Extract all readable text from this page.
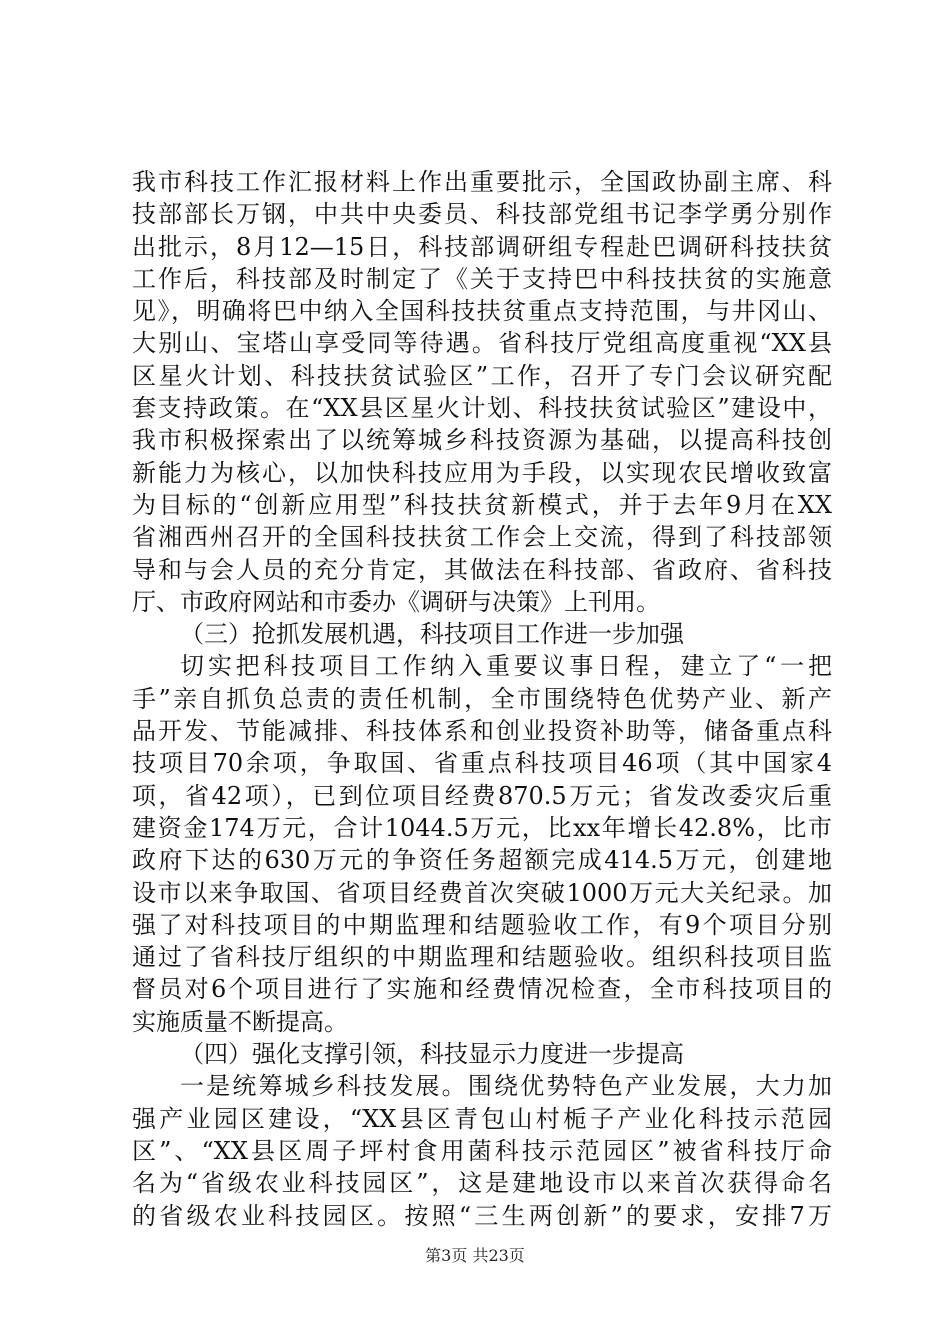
我市科技工作汇报材料上作出重要批示，全国政协副主席、科
技部部长万钢，中共中央委员、科技部党组书记李学勇分别作
出批示，8月12—15日，科技部调研组专程赴巴调研科技扶贫
工作后，科技部及时制定了《关于支持巴中科技扶贫的实施意
见》，明确将巴中纳入全国科技扶贫重点支持范围，与井冈山、
大别山、宝塔山享受同等待遇。省科技厅党组高度重视“XX县
区星火计划、科技扶贫试验区”工作，召开了专门会议研究配
套支持政策。在“XX县区星火计划、科技扶贫试验区”建设中，
我市积极探索出了以统筹城乡科技资源为基础，以提高科技创
新能力为核心，以加快科技应用为手段，以实现农民增收致富
为目标的“创新应用型”科技扶贫新模式，并于去年9月在XX
省湘西州召开的全国科技扶贫工作会上交流，得到了科技部领
导和与会人员的充分肯定，其做法在科技部、省政府、省科技
厅、市政府网站和市委办《调研与决策》上刊用。
（三）抢抓发展机遇，科技项目工作进一步加强
切实把科技项目工作纳入重要议事日程，建立了“一把
手”亲自抓负总责的责任机制，全市围绕特色优势产业、新产
品开发、节能减排、科技体系和创业投资补助等，储备重点科
技项目70余项，争取国、省重点科技项目46项（其中国家4
项，省42项），已到位项目经费870.5万元；省发改委灾后重
建资金174万元，合计1044.5万元，比xx年增长42.8%，比市
政府下达的630万元的争资任务超额完成414.5万元，创建地
设市以来争取国、省项目经费首次突破1000万元大关纪录。加
强了对科技项目的中期监理和结题验收工作，有9个项目分别
通过了省科技厅组织的中期监理和结题验收。组织科技项目监
督员对6个项目进行了实施和经费情况检查，全市科技项目的
实施质量不断提高。
（四）强化支撑引领，科技显示力度进一步提高
一是统筹城乡科技发展。围绕优势特色产业发展，大力加
强产业园区建设，“XX县区青包山村栀子产业化科技示范园
区”、“XX县区周子坪村食用菌科技示范园区”被省科技厅命
名为“省级农业科技园区”，这是建地设市以来首次获得命名
的省级农业科技园区。按照“三生两创新”的要求，安排7万
第3页 共23页
